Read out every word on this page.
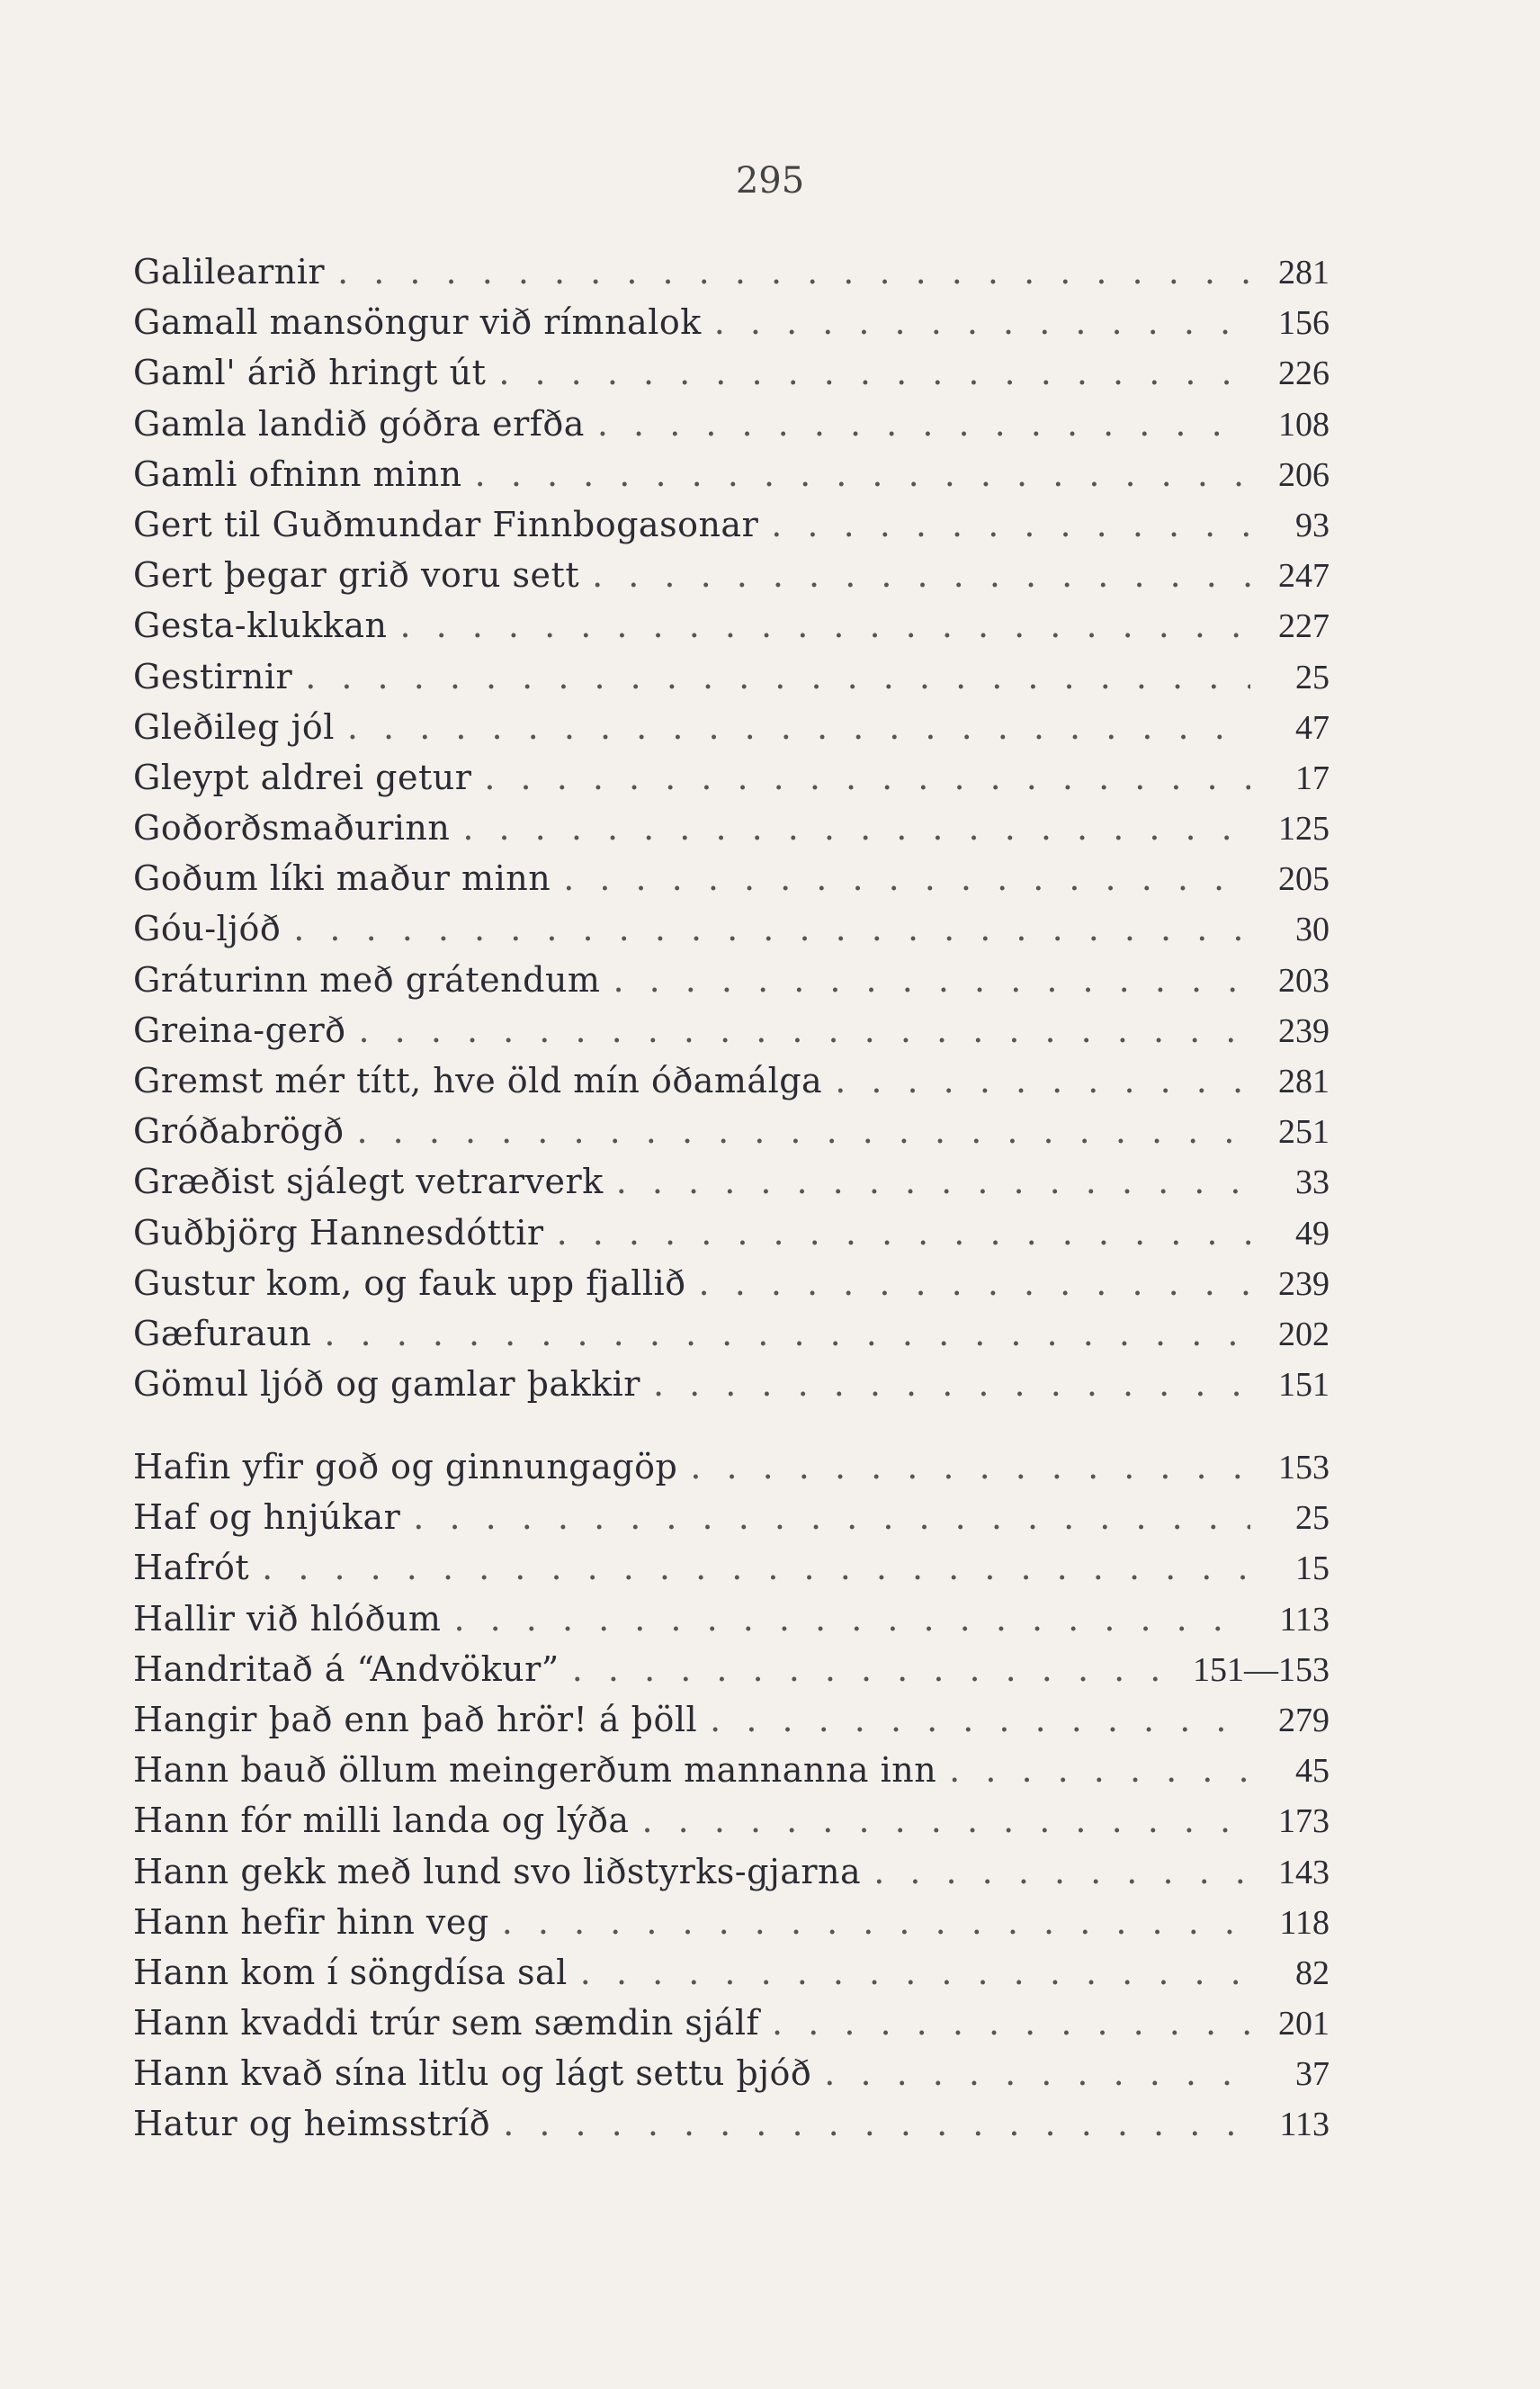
295
Galilearnir . . .	281
Gamall mansöngur við rímnalok . . .	156
Gaml' árið hringt út . . .	226
Gamla landið góðra erfða . . .	108
Gamli ofninn minn . . .	206
Gert til Guðmundar Finnbogasonar . . .	93
Gert þegar grið voru sett . . .	247
Gesta-klukkan . . .	227
Gestirnir . . .	25
Gleðileg jól . . .	47
Gleypt aldrei getur . . .	17
Goðorðsmaðurinn . . .	125
Goðum líki maður minn . . .	205
Góu-ljóð . . .	30
Gráturinn með grátendum . . .	203
Greina-gerð . . .	239
Gremst mér títt, hve öld mín óðamálga . . .	281
Gróðabrögð . . .	251
Græðist sjálegt vetrarverk . . .	33
Guðbjörg Hannesdóttir . . .	49
Gustur kom, og fauk upp fjallið . . .	239
Gæfuraun . . .	202
Gömul ljóð og gamlar þakkir . . .	151
Hafin yfir goð og ginnungagöp . . .	153
Haf og hnjúkar . . .	25
Hafrót . . .	15
Hallir við hlóðum . . .	113
Handritað á “Andvökur” . . .	151—153
Hangir það enn það hrör! á þöll . . .	279
Hann bauð öllum meingerðum mannanna inn . . .	45
Hann fór milli landa og lýða . . .	173
Hann gekk með lund svo liðstyrks-gjarna . . .	143
Hann hefir hinn veg . . .	118
Hann kom í söngdísa sal . . .	82
Hann kvaddi trúr sem sæmdin sjálf . . .	201
Hann kvað sína litlu og lágt settu þjóð . . .	37
Hatur og heimsstríð . . .	113
